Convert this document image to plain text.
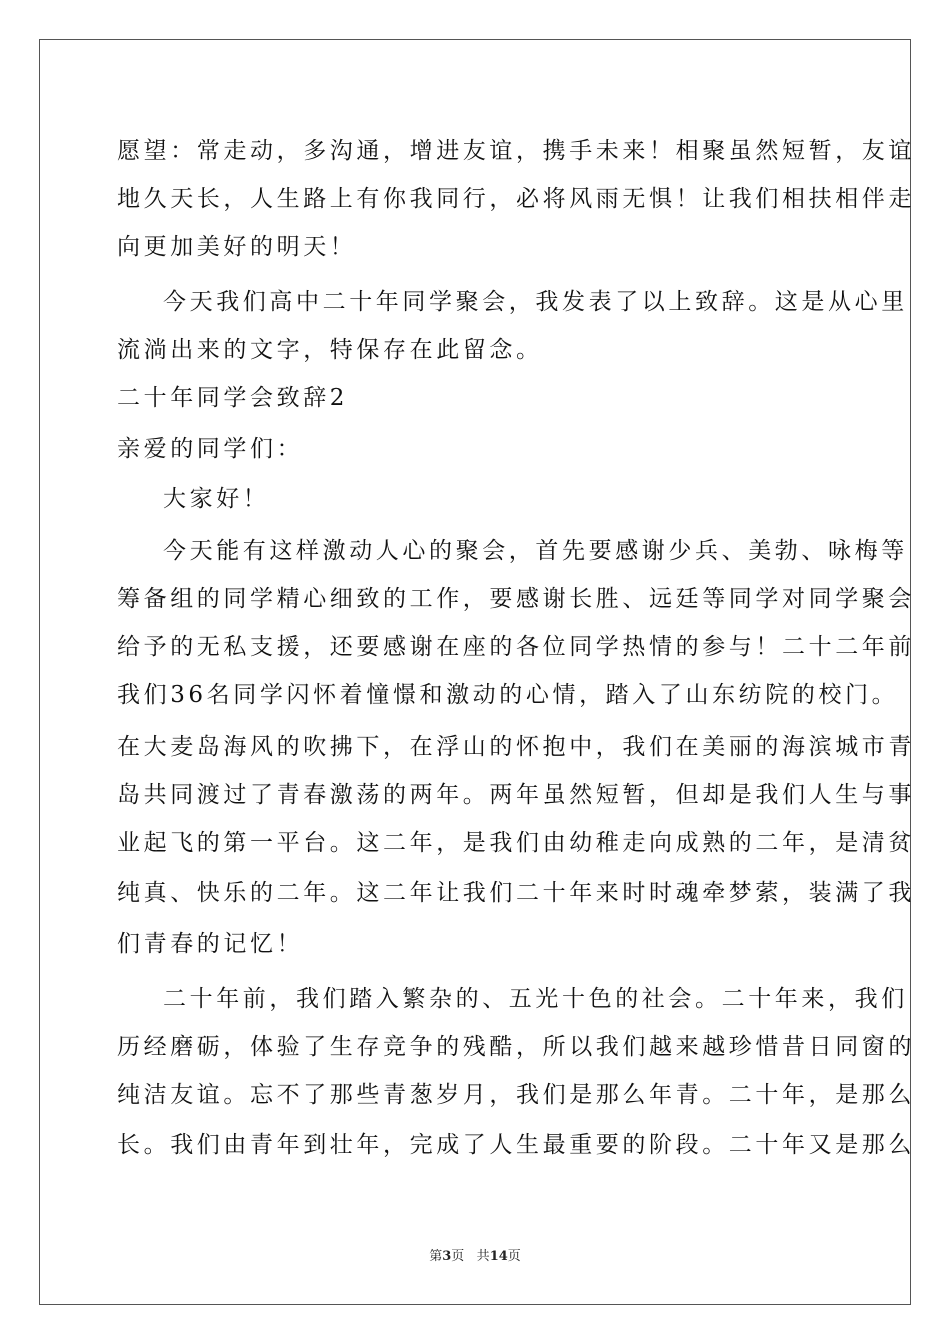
愿望：常走动，多沟通，增进友谊，携手未来！相聚虽然短暂，友谊
地久天长，人生路上有你我同行，必将风雨无惧！让我们相扶相伴走
向更加美好的明天！
今天我们高中二十年同学聚会，我发表了以上致辞。这是从心里
流淌出来的文字，特保存在此留念。
二十年同学会致辞2
亲爱的同学们：
大家好！
今天能有这样激动人心的聚会，首先要感谢少兵、美勃、咏梅等
筹备组的同学精心细致的工作，要感谢长胜、远廷等同学对同学聚会
给予的无私支援，还要感谢在座的各位同学热情的参与！二十二年前
我们36名同学闪怀着憧憬和激动的心情，踏入了山东纺院的校门。
在大麦岛海风的吹拂下，在浮山的怀抱中，我们在美丽的海滨城市青
岛共同渡过了青春激荡的两年。两年虽然短暂，但却是我们人生与事
业起飞的第一平台。这二年，是我们由幼稚走向成熟的二年，是清贫
纯真、快乐的二年。这二年让我们二十年来时时魂牵梦萦，装满了我
们青春的记忆！
二十年前，我们踏入繁杂的、五光十色的社会。二十年来，我们
历经磨砺，体验了生存竞争的残酷，所以我们越来越珍惜昔日同窗的
纯洁友谊。忘不了那些青葱岁月，我们是那么年青。二十年，是那么
长。我们由青年到壮年，完成了人生最重要的阶段。二十年又是那么
第3页 共14页
